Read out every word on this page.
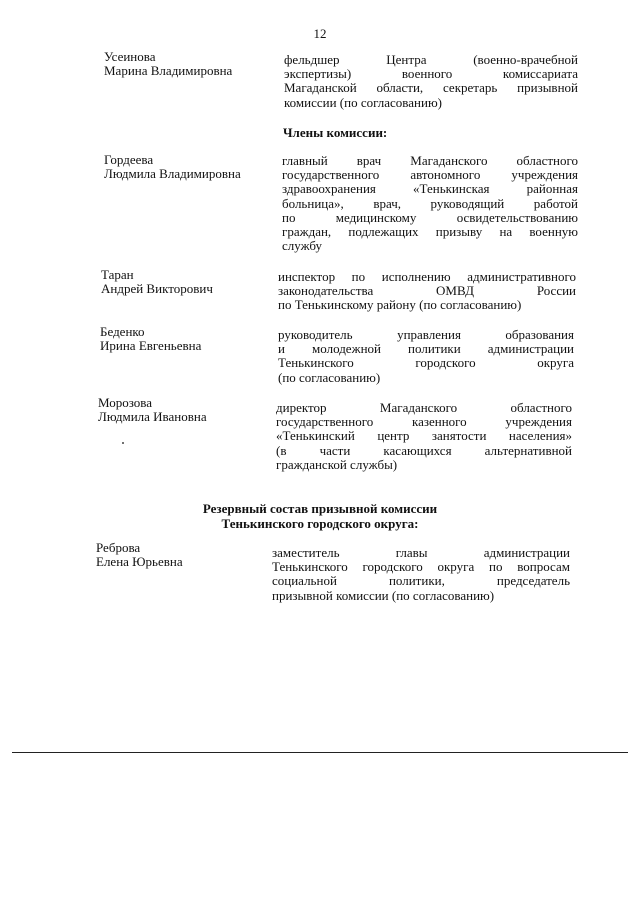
12
Усеинова
Марина Владимировна
фельдшер Центра (военно-врачебной
экспертизы) военного комиссариата
Магаданской области, секретарь призывной
комиссии (по согласованию)
Члены комиссии:
Гордеева
Людмила Владимировна
главный врач Магаданского областного
государственного автономного учреждения
здравоохранения «Тенькинская районная
больница», врач, руководящий работой
по медицинскому освидетельствованию
граждан, подлежащих призыву на военную
службу
Таран
Андрей Викторович
инспектор по исполнению административного
законодательства ОМВД России
по Тенькинскому району (по согласованию)
Беденко
Ирина Евгеньевна
руководитель управления образования
и молодежной политики администрации
Тенькинского городского округа
(по согласованию)
Морозова
Людмила Ивановна
директор Магаданского областного
государственного казенного учреждения
«Тенькинский центр занятости населения»
(в части касающихся альтернативной
гражданской службы)
Резервный состав призывной комиссии
Тенькинского городского округа:
Реброва
Елена Юрьевна
заместитель главы администрации
Тенькинского городского округа по вопросам
социальной политики, председатель
призывной комиссии (по согласованию)
